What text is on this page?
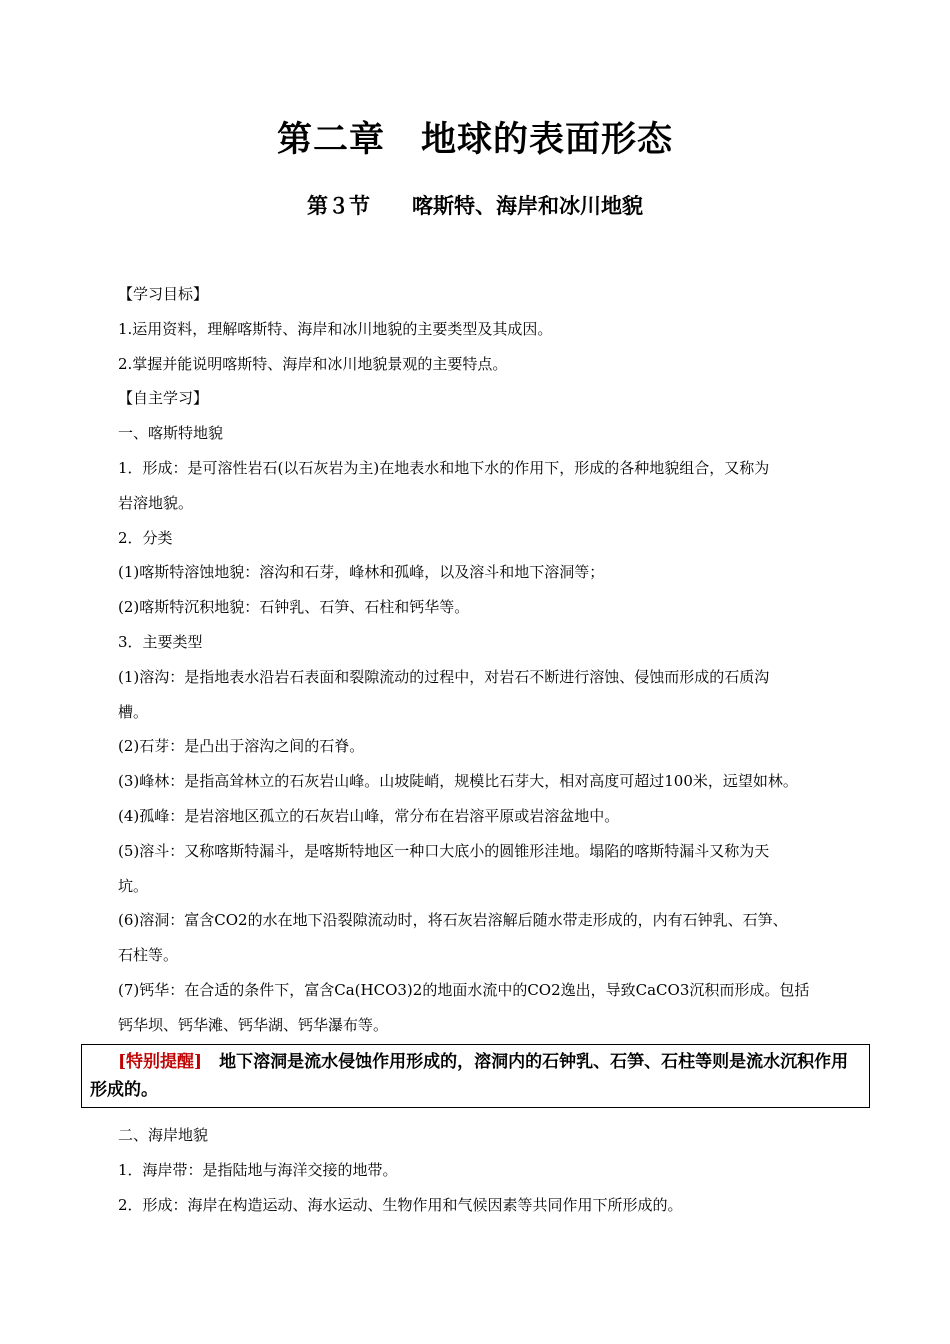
第二章　地球的表面形态
第３节　　喀斯特、海岸和冰川地貌
【学习目标】
1.运用资料，理解喀斯特、海岸和冰川地貌的主要类型及其成因。
2.掌握并能说明喀斯特、海岸和冰川地貌景观的主要特点。
【自主学习】
一、喀斯特地貌
1．形成：是可溶性岩石(以石灰岩为主)在地表水和地下水的作用下，形成的各种地貌组合，又称为
岩溶地貌。
2．分类
(1)喀斯特溶蚀地貌：溶沟和石芽，峰林和孤峰，以及溶斗和地下溶洞等；
(2)喀斯特沉积地貌：石钟乳、石笋、石柱和钙华等。
3．主要类型
(1)溶沟：是指地表水沿岩石表面和裂隙流动的过程中，对岩石不断进行溶蚀、侵蚀而形成的石质沟
槽。
(2)石芽：是凸出于溶沟之间的石脊。
(3)峰林：是指高耸林立的石灰岩山峰。山坡陡峭，规模比石芽大，相对高度可超过100米，远望如林。
(4)孤峰：是岩溶地区孤立的石灰岩山峰，常分布在岩溶平原或岩溶盆地中。
(5)溶斗：又称喀斯特漏斗，是喀斯特地区一种口大底小的圆锥形洼地。塌陷的喀斯特漏斗又称为天
坑。
(6)溶洞：富含CO2的水在地下沿裂隙流动时，将石灰岩溶解后随水带走形成的，内有石钟乳、石笋、
石柱等。
(7)钙华：在合适的条件下，富含Ca(HCO3)2的地面水流中的CO2逸出，导致CaCO3沉积而形成。包括
钙华坝、钙华滩、钙华湖、钙华瀑布等。
[特别提醒]　地下溶洞是流水侵蚀作用形成的，溶洞内的石钟乳、石笋、石柱等则是流水沉积作用形成的。
二、海岸地貌
1．海岸带：是指陆地与海洋交接的地带。
2．形成：海岸在构造运动、海水运动、生物作用和气候因素等共同作用下所形成的。
